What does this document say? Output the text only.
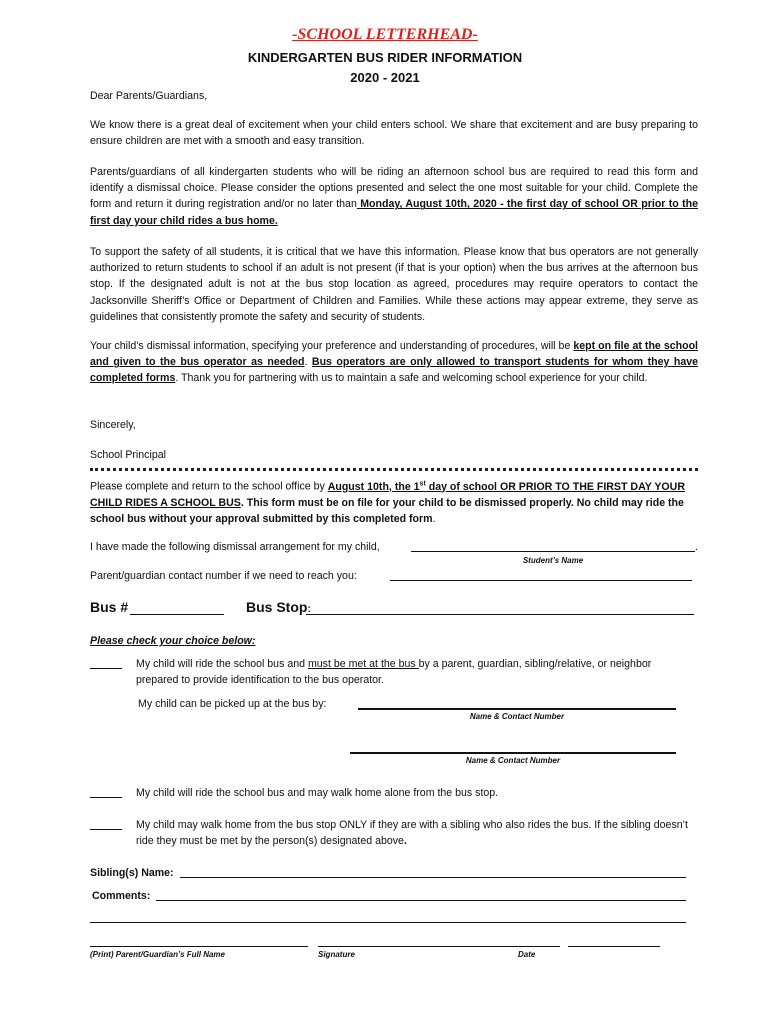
-SCHOOL LETTERHEAD-
KINDERGARTEN BUS RIDER INFORMATION
2020 - 2021
Dear Parents/Guardians,
We know there is a great deal of excitement when your child enters school. We share that excitement and are busy preparing to ensure children are met with a smooth and easy transition.
Parents/guardians of all kindergarten students who will be riding an afternoon school bus are required to read this form and identify a dismissal choice. Please consider the options presented and select the one most suitable for your child. Complete the form and return it during registration and/or no later than Monday, August 10th, 2020 - the first day of school OR prior to the first day your child rides a bus home.
To support the safety of all students, it is critical that we have this information. Please know that bus operators are not generally authorized to return students to school if an adult is not present (if that is your option) when the bus arrives at the afternoon bus stop. If the designated adult is not at the bus stop location as agreed, procedures may require operators to contact the Jacksonville Sheriff’s Office or Department of Children and Families. While these actions may appear extreme, they serve as guidelines that consistently promote the safety and security of students.
Your child’s dismissal information, specifying your preference and understanding of procedures, will be kept on file at the school and given to the bus operator as needed. Bus operators are only allowed to transport students for whom they have completed forms. Thank you for partnering with us to maintain a safe and welcoming school experience for your child.
Sincerely,
School Principal
Please complete and return to the school office by August 10th, the 1st day of school OR PRIOR TO THE FIRST DAY YOUR CHILD RIDES A SCHOOL BUS. This form must be on file for your child to be dismissed properly. No child may ride the school bus without your approval submitted by this completed form.
I have made the following dismissal arrangement for my child,	.
Student’s Name
Parent/guardian contact number if we need to reach you:
Bus #	Bus Stop:
Please check your choice below:
My child will ride the school bus and must be met at the bus by a parent, guardian, sibling/relative, or neighbor prepared to provide identification to the bus operator.
My child can be picked up at the bus by:
Name & Contact Number
Name & Contact Number
My child will ride the school bus and may walk home alone from the bus stop.
My child may walk home from the bus stop ONLY if they are with a sibling who also rides the bus. If the sibling doesn’t ride they must be met by the person(s) designated above.
Sibling(s) Name:
Comments:
(Print) Parent/Guardian’s Full Name	Signature	Date
